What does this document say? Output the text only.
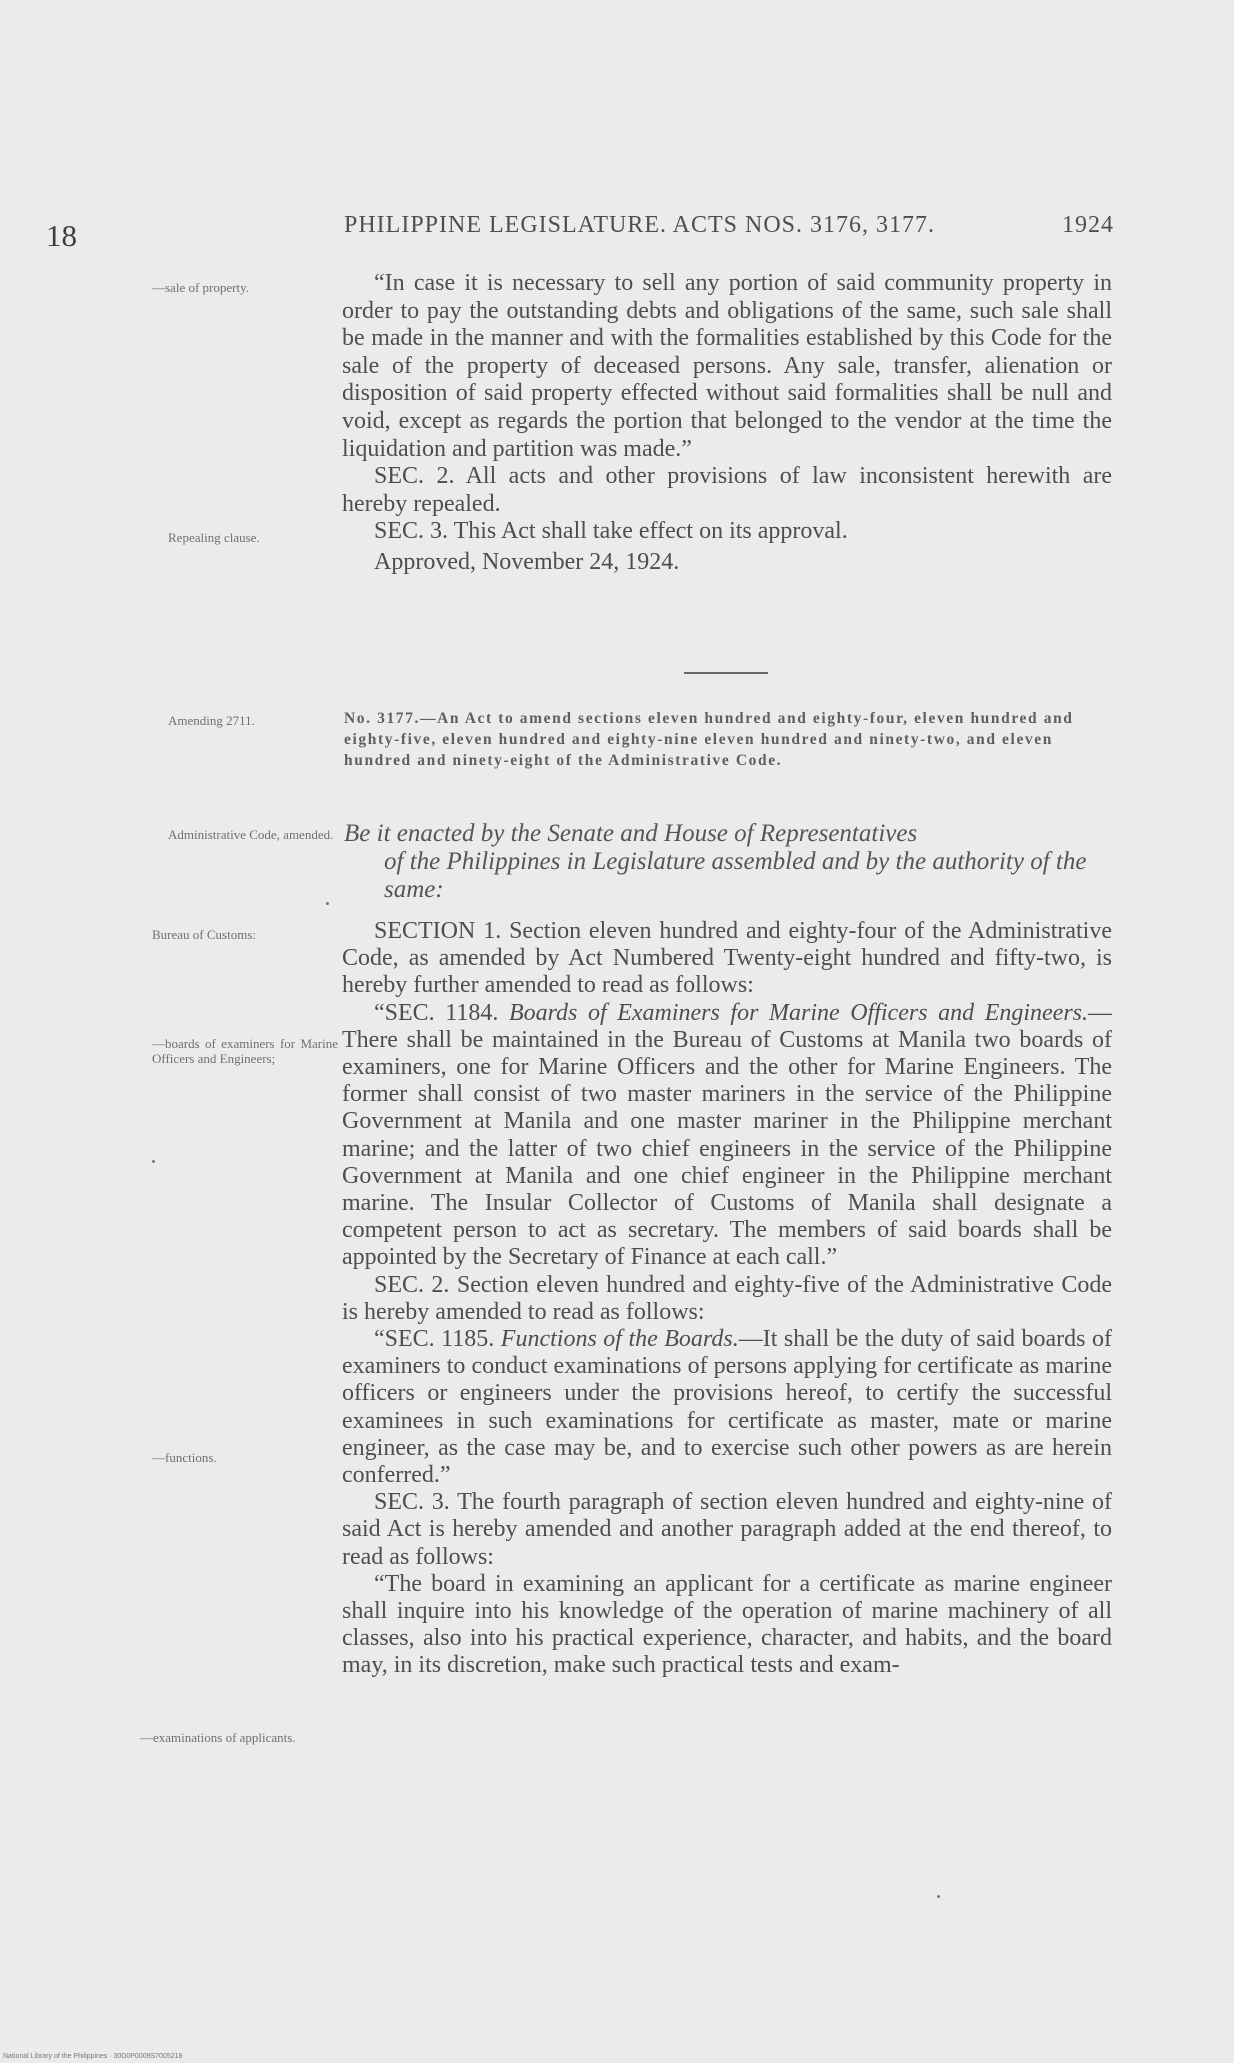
18	PHILIPPINE LEGISLATURE. ACTS NOS. 3176, 3177.	1924
—sale of property.
Repealing clause.
Amending 2711.
Administrative Code, amended.
Bureau of Customs:
—boards of examiners for Marine Officers and Engineers;
—functions.
—examinations of applicants.

“In case it is necessary to sell any portion of said community property in order to pay the outstanding debts and obligations of the same, such sale shall be made in the manner and with the formalities established by this Code for the sale of the property of deceased persons. Any sale, transfer, alienation or disposition of said property effected without said formalities shall be null and void, except as regards the portion that belonged to the vendor at the time the liquidation and partition was made.”

SEC. 2. All acts and other provisions of law inconsistent herewith are hereby repealed.

SEC. 3. This Act shall take effect on its approval.

Approved, November 24, 1924.

No. 3177.—An Act to amend sections eleven hundred and eighty-four, eleven hundred and eighty-five, eleven hundred and eighty-nine eleven hundred and ninety-two, and eleven hundred and ninety-eight of the Administrative Code.
Be it enacted by the Senate and House of Representatives
of the Philippines in Legislature assembled and by the authority of the same:

SECTION 1. Section eleven hundred and eighty-four of the Administrative Code, as amended by Act Numbered Twenty-eight hundred and fifty-two, is hereby further amended to read as follows:

“SEC. 1184. Boards of Examiners for Marine Officers and Engineers.—There shall be maintained in the Bureau of Customs at Manila two boards of examiners, one for Marine Officers and the other for Marine Engineers. The former shall consist of two master mariners in the service of the Philippine Government at Manila and one master mariner in the Philippine merchant marine; and the latter of two chief engineers in the service of the Philippine Government at Manila and one chief engineer in the Philippine merchant marine. The Insular Collector of Customs of Manila shall designate a competent person to act as secretary. The members of said boards shall be appointed by the Secretary of Finance at each call.”

SEC. 2. Section eleven hundred and eighty-five of the Administrative Code is hereby amended to read as follows:

“SEC. 1185. Functions of the Boards.—It shall be the duty of said boards of examiners to conduct examinations of persons applying for certificate as marine officers or engineers under the provisions hereof, to certify the successful examinees in such examinations for certificate as master, mate or marine engineer, as the case may be, and to exercise such other powers as are herein conferred.”

SEC. 3. The fourth paragraph of section eleven hundred and eighty-nine of said Act is hereby amended and another paragraph added at the end thereof, to read as follows:

“The board in examining an applicant for a certificate as marine engineer shall inquire into his knowledge of the operation of marine machinery of all classes, also into his practical experience, character, and habits, and the board may, in its discretion, make such practical tests and exam-

National Library of the Philippines · 30D0P0009S7005218
